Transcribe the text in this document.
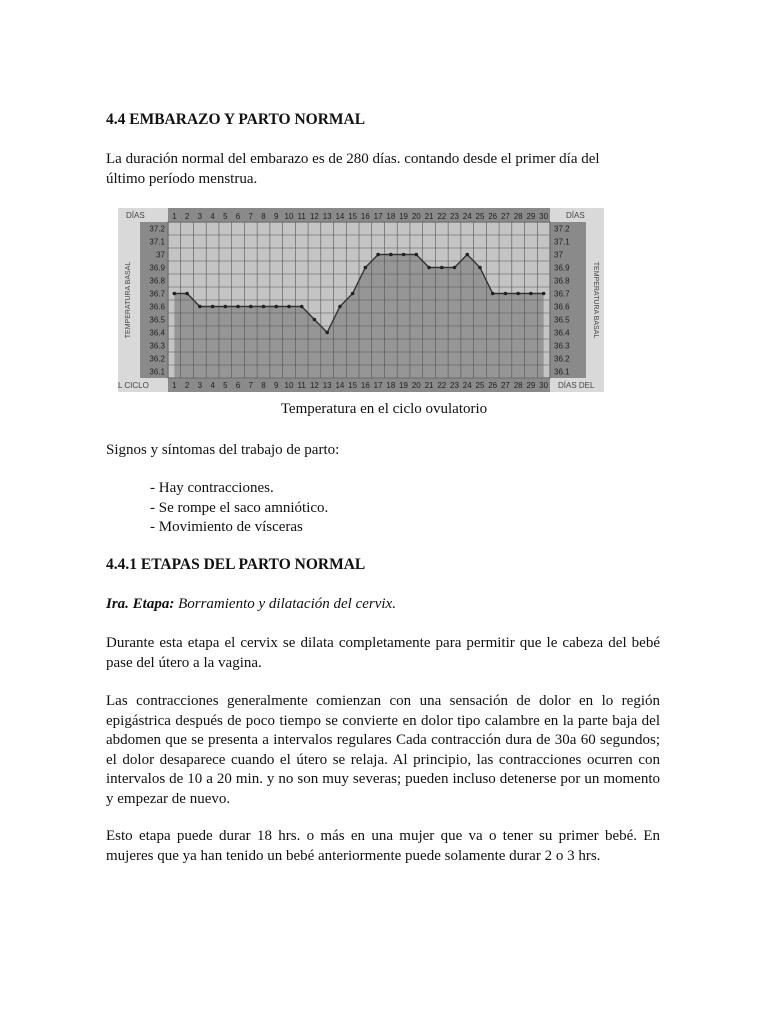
4.4 EMBARAZO Y PARTO NORMAL
La duración normal del embarazo es de 280 días. contando desde el primer día del
último período menstrua.
1
1
2
2
3
3
4
4
5
5
6
6
7
7
8
8
9
9
10
10
11
11
12
12
13
13
14
14
15
15
16
16
17
17
18
18
19
19
20
20
21
21
22
22
23
23
24
24
25
25
26
26
27
27
28
28
29
29
30
30
37.2	37.2
37.1	37.1
37	37
36.9	36.9
36.8	36.8
36.7	36.7
36.6	36.6
36.5	36.5
36.4	36.4
36.3	36.3
36.2	36.2
36.1	36.1
DÍAS	DÍAS
L CICLO	DÍAS DEL
TEMPERATURA BASAL	TEMPERATURA BASAL
Temperatura en el ciclo ovulatorio
Signos y síntomas del trabajo de parto:
- Hay contracciones.
- Se rompe el saco amniótico.
- Movimiento de vísceras
4.4.1 ETAPAS DEL PARTO NORMAL
Ira. Etapa: Borramiento y dilatación del cervix.
Durante esta etapa el cervix se dilata completamente para permitir que le cabeza del bebé pase del útero a la vagina.
Las contracciones generalmente comienzan con una sensación de dolor en lo región epigástrica después de poco tiempo se convierte en dolor tipo calambre en la parte baja del abdomen que se presenta a intervalos regulares Cada contracción dura de 30a 60 segundos; el dolor desaparece cuando el útero se relaja. Al principio, las contracciones ocurren con intervalos de 10 a 20 min. y no son muy severas; pueden incluso detenerse por un momento y empezar de nuevo.
Esto etapa puede durar 18 hrs. o más en una mujer que va o tener su primer bebé. En mujeres que ya han tenido un bebé anteriormente puede solamente durar 2 o 3 hrs.
